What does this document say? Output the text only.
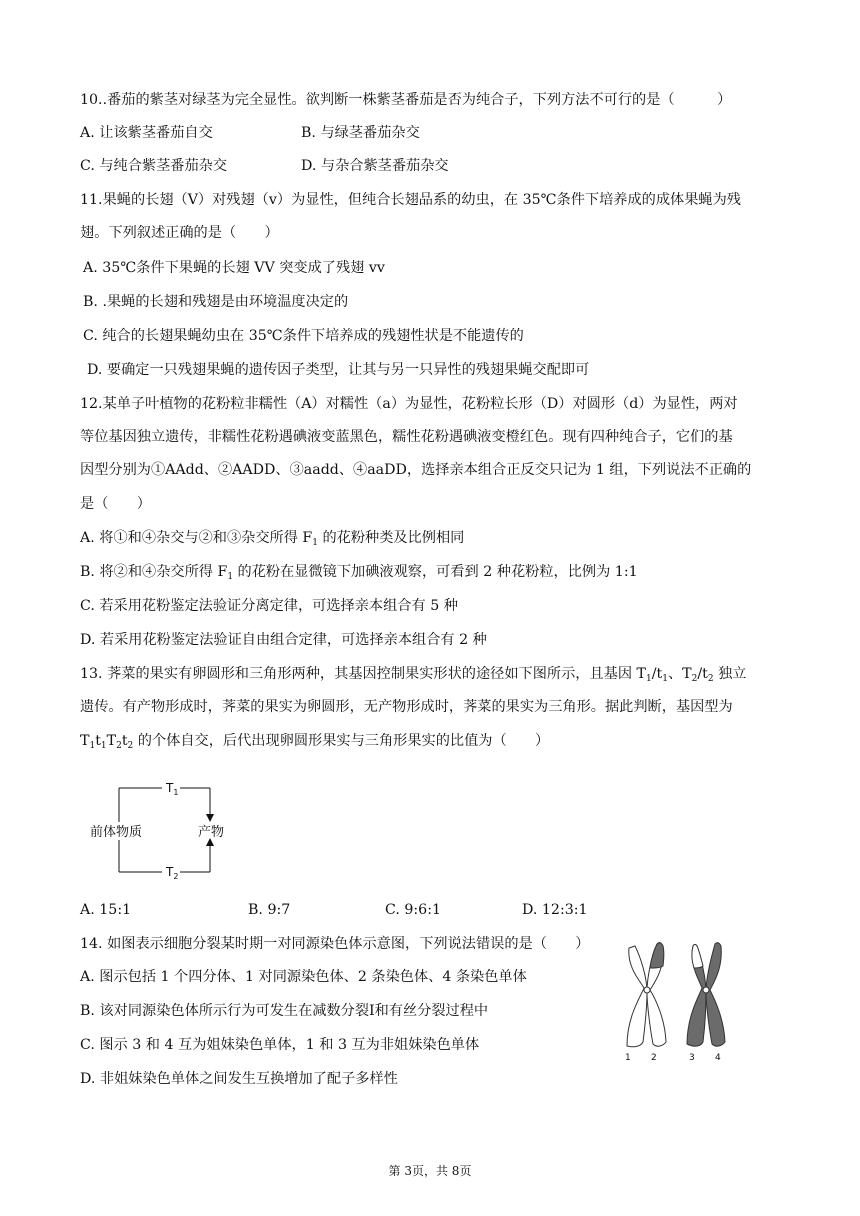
10..番茄的紫茎对绿茎为完全显性。欲判断一株紫茎番茄是否为纯合子，下列方法不可行的是（　　　）
A. 让该紫茎番茄自交	B. 与绿茎番茄杂交
C. 与纯合紫茎番茄杂交	D. 与杂合紫茎番茄杂交
11.果蝇的长翅（V）对残翅（v）为显性，但纯合长翅品系的幼虫，在 35℃条件下培养成的成体果蝇为残
翅。下列叙述正确的是（　　）
A. 35℃条件下果蝇的长翅 VV 突变成了残翅 vv
B. .果蝇的长翅和残翅是由环境温度决定的
C. 纯合的长翅果蝇幼虫在 35℃条件下培养成的残翅性状是不能遗传的
D. 要确定一只残翅果蝇的遗传因子类型，让其与另一只异性的残翅果蝇交配即可
12.某单子叶植物的花粉粒非糯性（A）对糯性（a）为显性，花粉粒长形（D）对圆形（d）为显性，两对
等位基因独立遗传，非糯性花粉遇碘液变蓝黑色，糯性花粉遇碘液变橙红色。现有四种纯合子，它们的基
因型分别为①AAdd、②AADD、③aadd、④aaDD，选择亲本组合正反交只记为 1 组，下列说法不正确的
是（　　）
A. 将①和④杂交与②和③杂交所得 $F_1$ 的花粉种类及比例相同
B. 将②和④杂交所得 $F_1$ 的花粉在显微镜下加碘液观察，可看到 2 种花粉粒，比例为 1:1
C. 若采用花粉鉴定法验证分离定律，可选择亲本组合有 5 种
D. 若采用花粉鉴定法验证自由组合定律，可选择亲本组合有 2 种
13. 荠菜的果实有卵圆形和三角形两种，其基因控制果实形状的途径如下图所示，且基因 $T_1/t_1$、$T_2/t_2$ 独立
遗传。有产物形成时，荠菜的果实为卵圆形，无产物形成时，荠菜的果实为三角形。据此判断，基因型为
$T_1t_1T_2t_2$ 的个体自交，后代出现卵圆形果实与三角形果实的比值为（　　）
$T_1$
$T_2$
前体物质	产物
A. 15:1	B. 9:7	C. 9:6:1	D. 12:3:1
14. 如图表示细胞分裂某时期一对同源染色体示意图，下列说法错误的是（　　）
A. 图示包括 1 个四分体、1 对同源染色体、2 条染色体、4 条染色单体
B. 该对同源染色体所示行为可发生在减数分裂Ⅰ和有丝分裂过程中
C. 图示 3 和 4 互为姐妹染色单体，1 和 3 互为非姐妹染色单体
D. 非姐妹染色单体之间发生互换增加了配子多样性
1 2	3 4
第 3页，共 8页
